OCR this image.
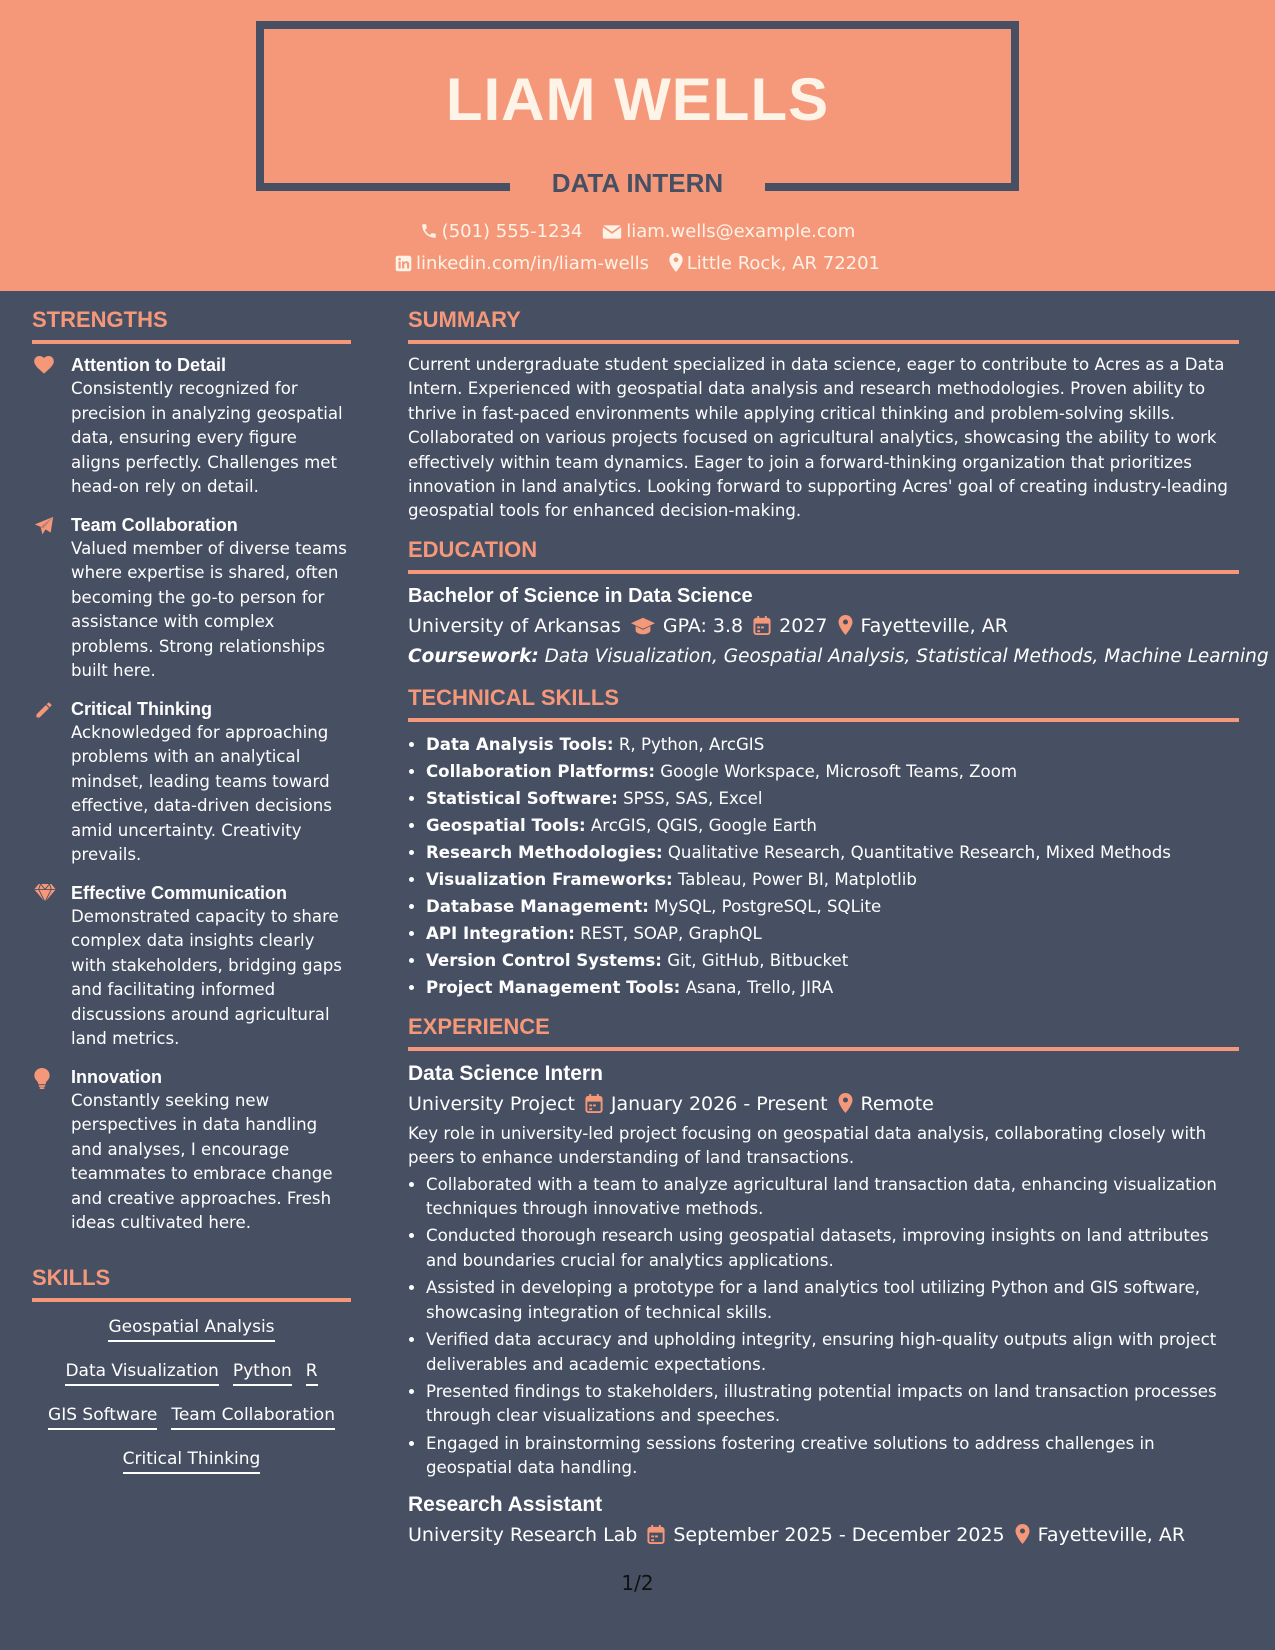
LIAM WELLS
DATA INTERN
(501) 555-1234 liam.wells@example.com
linkedin.com/in/liam-wells Little Rock, AR 72201
STRENGTHS
Attention to Detail
Consistently recognized for precision in analyzing geospatial data, ensuring every figure aligns perfectly. Challenges met head-on rely on detail.
Team Collaboration
Valued member of diverse teams where expertise is shared, often becoming the go-to person for assistance with complex problems. Strong relationships built here.
Critical Thinking
Acknowledged for approaching problems with an analytical mindset, leading teams toward effective, data-driven decisions amid uncertainty. Creativity prevails.
Effective Communication
Demonstrated capacity to share complex data insights clearly with stakeholders, bridging gaps and facilitating informed discussions around agricultural land metrics.
Innovation
Constantly seeking new perspectives in data handling and analyses, I encourage teammates to embrace change and creative approaches. Fresh ideas cultivated here.
SKILLS
Geospatial Analysis
Data Visualization Python R
GIS Software Team Collaboration
Critical Thinking
SUMMARY

Current undergraduate student specialized in data science, eager to contribute to Acres as a Data Intern. Experienced with geospatial data analysis and research methodologies. Proven ability to thrive in fast-paced environments while applying critical thinking and problem-solving skills. Collaborated on various projects focused on agricultural analytics, showcasing the ability to work effectively within team dynamics. Eager to join a forward-thinking organization that prioritizes innovation in land analytics. Looking forward to supporting Acres' goal of creating industry-leading geospatial tools for enhanced decision-making.

EDUCATION
Bachelor of Science in Data Science
University of Arkansas GPA: 3.8 2027 Fayetteville, AR
Coursework: Data Visualization, Geospatial Analysis, Statistical Methods, Machine Learning
TECHNICAL SKILLS
• Data Analysis Tools: R, Python, ArcGIS
• Collaboration Platforms: Google Workspace, Microsoft Teams, Zoom
• Statistical Software: SPSS, SAS, Excel
• Geospatial Tools: ArcGIS, QGIS, Google Earth
• Research Methodologies: Qualitative Research, Quantitative Research, Mixed Methods
• Visualization Frameworks: Tableau, Power BI, Matplotlib
• Database Management: MySQL, PostgreSQL, SQLite
• API Integration: REST, SOAP, GraphQL
• Version Control Systems: Git, GitHub, Bitbucket
• Project Management Tools: Asana, Trello, JIRA
EXPERIENCE
Data Science Intern
University Project January 2026 - Present Remote

Key role in university-led project focusing on geospatial data analysis, collaborating closely with peers to enhance understanding of land transactions.

• Collaborated with a team to analyze agricultural land transaction data, enhancing visualization techniques through innovative methods.
• Conducted thorough research using geospatial datasets, improving insights on land attributes and boundaries crucial for analytics applications.
• Assisted in developing a prototype for a land analytics tool utilizing Python and GIS software, showcasing integration of technical skills.
• Verified data accuracy and upholding integrity, ensuring high-quality outputs align with project deliverables and academic expectations.
• Presented findings to stakeholders, illustrating potential impacts on land transaction processes through clear visualizations and speeches.
• Engaged in brainstorming sessions fostering creative solutions to address challenges in geospatial data handling.
Research Assistant
University Research Lab September 2025 - December 2025 Fayetteville, AR
1/2
